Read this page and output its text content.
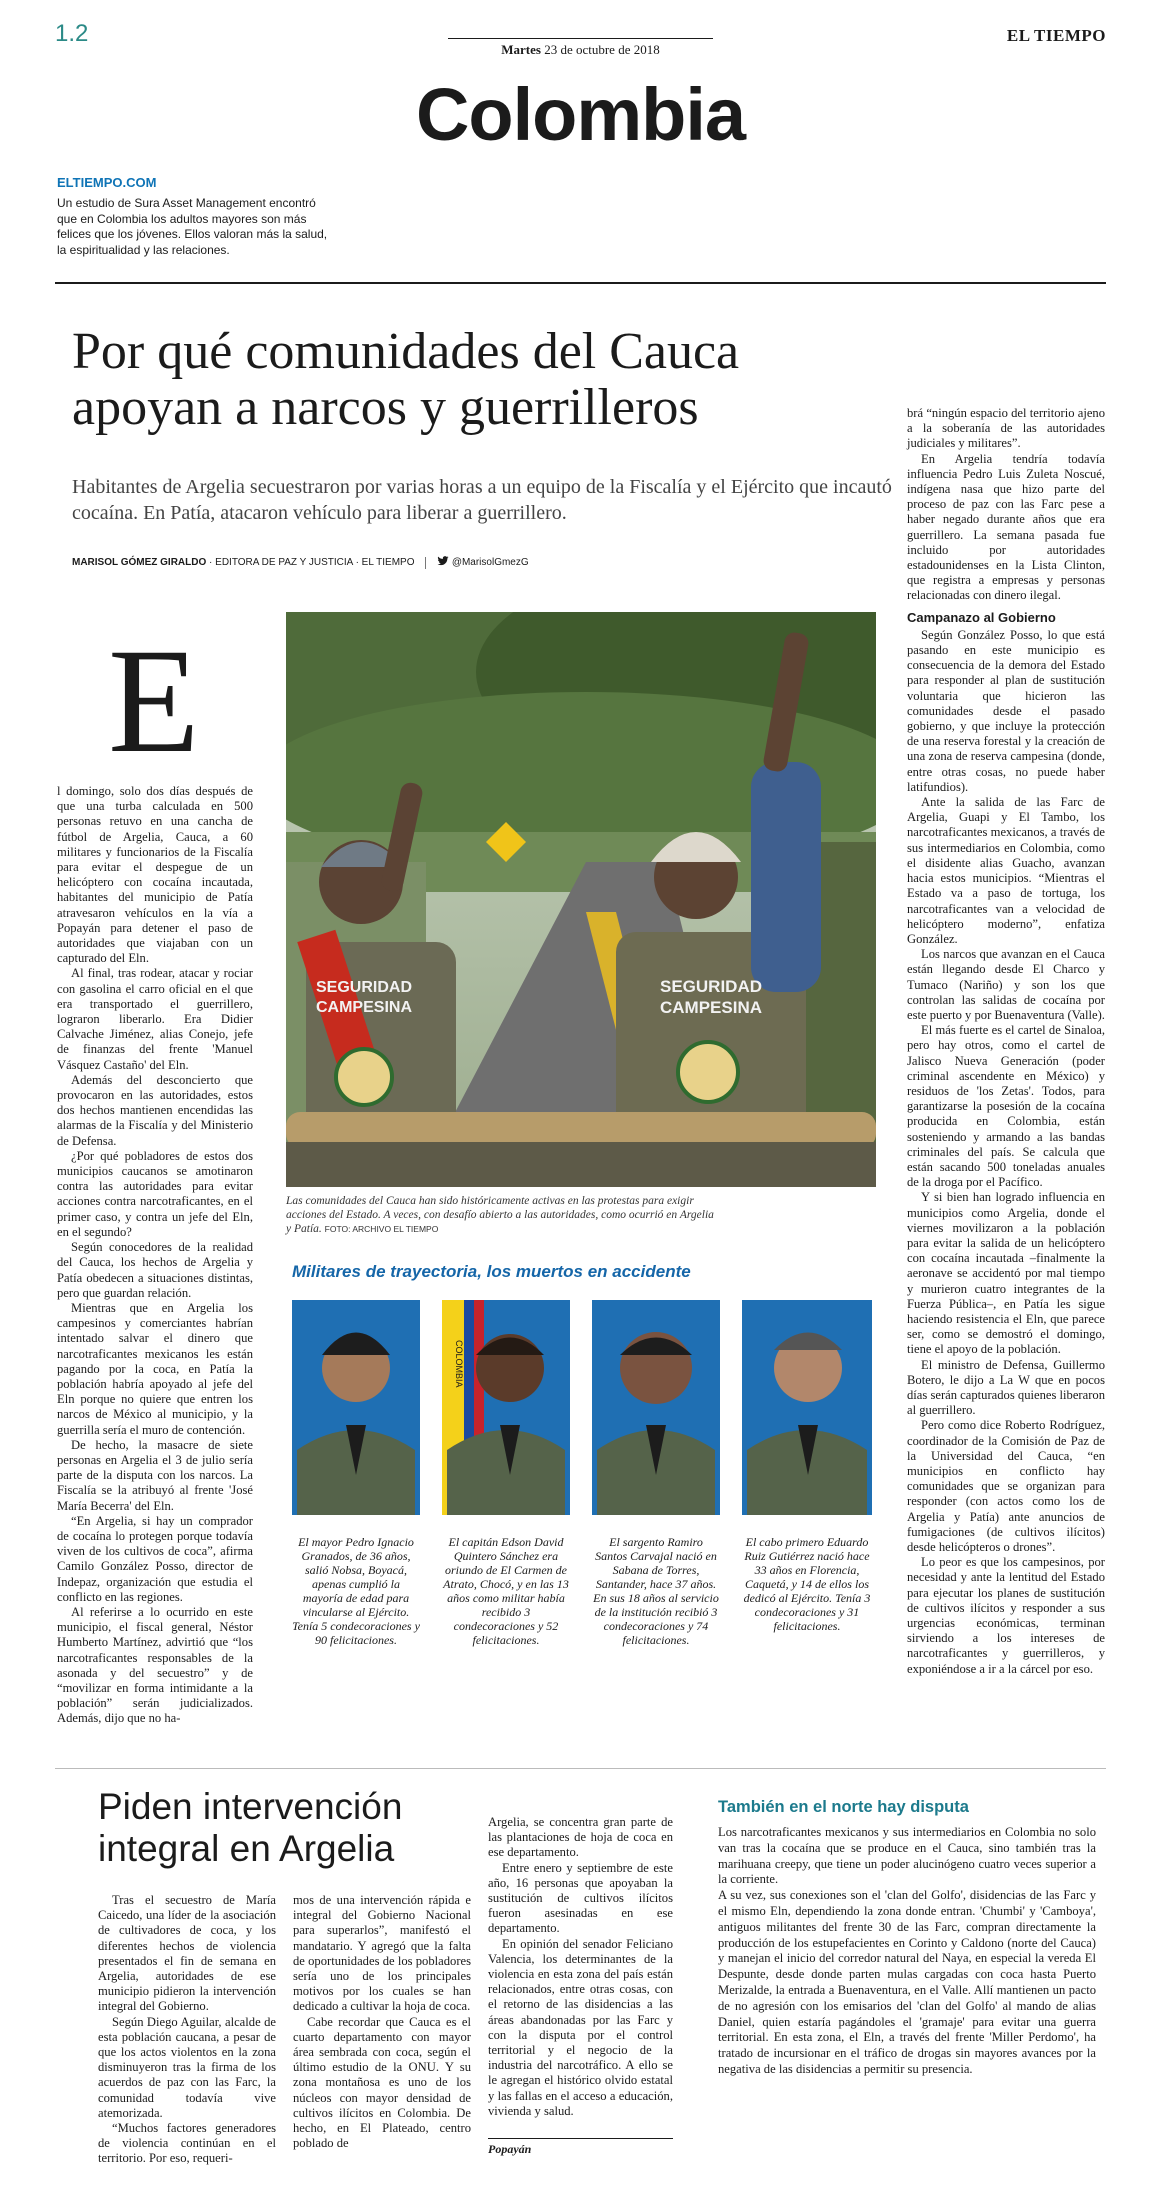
1.2
Martes 23 de octubre de 2018
EL TIEMPO
Colombia
ELTIEMPO.COM
Un estudio de Sura Asset Management encontró que en Colombia los adultos mayores son más felices que los jóvenes. Ellos valoran más la salud, la espiritualidad y las relaciones.
Por qué comunidades del Cauca apoyan a narcos y guerrilleros
Habitantes de Argelia secuestraron por varias horas a un equipo de la Fiscalía y el Ejército que incautó cocaína. En Patía, atacaron vehículo para liberar a guerrillero.
MARISOL GÓMEZ GIRALDO · EDITORA DE PAZ Y JUSTICIA · EL TIEMPO	@MarisolGmezG
E

l domingo, solo dos días después de que una turba calculada en 500 personas retuvo en una cancha de fútbol de Argelia, Cauca, a 60 militares y funcionarios de la Fiscalía para evitar el despegue de un helicóptero con cocaína incautada, habitantes del municipio de Patía atravesaron vehículos en la vía a Popayán para detener el paso de autoridades que viajaban con un capturado del Eln.

Al final, tras rodear, atacar y rociar con gasolina el carro oficial en el que era transportado el guerrillero, lograron liberarlo. Era Didier Calvache Jiménez, alias Conejo, jefe de finanzas del frente 'Manuel Vásquez Castaño' del Eln.

Además del desconcierto que provocaron en las autoridades, estos dos hechos mantienen encendidas las alarmas de la Fiscalía y del Ministerio de Defensa.

¿Por qué pobladores de estos dos municipios caucanos se amotinaron contra las autoridades para evitar acciones contra narcotraficantes, en el primer caso, y contra un jefe del Eln, en el segundo?

Según conocedores de la realidad del Cauca, los hechos de Argelia y Patía obedecen a situaciones distintas, pero que guardan relación.

Mientras que en Argelia los campesinos y comerciantes habrían intentado salvar el dinero que narcotraficantes mexicanos les están pagando por la coca, en Patía la población habría apoyado al jefe del Eln porque no quiere que entren los narcos de México al municipio, y la guerrilla sería el muro de contención.

De hecho, la masacre de siete personas en Argelia el 3 de julio sería parte de la disputa con los narcos. La Fiscalía se la atribuyó al frente 'José María Becerra' del Eln.

“En Argelia, si hay un comprador de cocaína lo protegen porque todavía viven de los cultivos de coca”, afirma Camilo González Posso, director de Indepaz, organización que estudia el conflicto en las regiones.

Al referirse a lo ocurrido en este municipio, el fiscal general, Néstor Humberto Martínez, advirtió que “los narcotraficantes responsables de la asonada y del secuestro” y de “movilizar en forma intimidante a la población” serán judicializados. Además, dijo que no ha-

SEGURIDAD
CAMPESINA
SEGURIDAD
CAMPESINA
Las comunidades del Cauca han sido históricamente activas en las protestas para exigir acciones del Estado. A veces, con desafío abierto a las autoridades, como ocurrió en Argelia y Patía. FOTO: ARCHIVO EL TIEMPO
Militares de trayectoria, los muertos en accidente
COLOMBIA
El mayor Pedro Ignacio Granados, de 36 años, salió Nobsa, Boyacá, apenas cumplió la mayoría de edad para vincularse al Ejército. Tenía 5 condecoraciones y 90 felicitaciones.
El capitán Edson David Quintero Sánchez era oriundo de El Carmen de Atrato, Chocó, y en las 13 años como militar había recibido 3 condecoraciones y 52 felicitaciones.
El sargento Ramiro Santos Carvajal nació en Sabana de Torres, Santander, hace 37 años. En sus 18 años al servicio de la institución recibió 3 condecoraciones y 74 felicitaciones.
El cabo primero Eduardo Ruiz Gutiérrez nació hace 33 años en Florencia, Caquetá, y 14 de ellos los dedicó al Ejército. Tenía 3 condecoraciones y 31 felicitaciones.

brá “ningún espacio del territorio ajeno a la soberanía de las autoridades judiciales y militares”.

En Argelia tendría todavía influencia Pedro Luis Zuleta Noscué, indígena nasa que hizo parte del proceso de paz con las Farc pese a haber negado durante años que era guerrillero. La semana pasada fue incluido por autoridades estadounidenses en la Lista Clinton, que registra a empresas y personas relacionadas con dinero ilegal.

Campanazo al Gobierno

Según González Posso, lo que está pasando en este municipio es consecuencia de la demora del Estado para responder al plan de sustitución voluntaria que hicieron las comunidades desde el pasado gobierno, y que incluye la protección de una reserva forestal y la creación de una zona de reserva campesina (donde, entre otras cosas, no puede haber latifundios).

Ante la salida de las Farc de Argelia, Guapi y El Tambo, los narcotraficantes mexicanos, a través de sus intermediarios en Colombia, como el disidente alias Guacho, avanzan hacia estos municipios. “Mientras el Estado va a paso de tortuga, los narcotraficantes van a velocidad de helicóptero moderno”, enfatiza González.

Los narcos que avanzan en el Cauca están llegando desde El Charco y Tumaco (Nariño) y son los que controlan las salidas de cocaína por este puerto y por Buenaventura (Valle).

El más fuerte es el cartel de Sinaloa, pero hay otros, como el cartel de Jalisco Nueva Generación (poder criminal ascendente en México) y residuos de 'los Zetas'. Todos, para garantizarse la posesión de la cocaína producida en Colombia, están sosteniendo y armando a las bandas criminales del país. Se calcula que están sacando 500 toneladas anuales de la droga por el Pacífico.

Y si bien han logrado influencia en municipios como Argelia, donde el viernes movilizaron a la población para evitar la salida de un helicóptero con cocaína incautada –finalmente la aeronave se accidentó por mal tiempo y murieron cuatro integrantes de la Fuerza Pública–, en Patía les sigue haciendo resistencia el Eln, que parece ser, como se demostró el domingo, tiene el apoyo de la población.

El ministro de Defensa, Guillermo Botero, le dijo a La W que en pocos días serán capturados quienes liberaron al guerrillero.

Pero como dice Roberto Rodríguez, coordinador de la Comisión de Paz de la Universidad del Cauca, “en municipios en conflicto hay comunidades que se organizan para responder (con actos como los de Argelia y Patía) ante anuncios de fumigaciones (de cultivos ilícitos) desde helicópteros o drones”.

Lo peor es que los campesinos, por necesidad y ante la lentitud del Estado para ejecutar los planes de sustitución de cultivos ilícitos y responder a sus urgencias económicas, terminan sirviendo a los intereses de narcotraficantes y guerrilleros, y exponiéndose a ir a la cárcel por eso.

Piden intervención
integral en Argelia

Tras el secuestro de María Caicedo, una líder de la asociación de cultivadores de coca, y los diferentes hechos de violencia presentados el fin de semana en Argelia, autoridades de ese municipio pidieron la intervención integral del Gobierno.

Según Diego Aguilar, alcalde de esta población caucana, a pesar de que los actos violentos en la zona disminuyeron tras la firma de los acuerdos de paz con las Farc, la comunidad todavía vive atemorizada.

“Muchos factores generadores de violencia continúan en el territorio. Por eso, requeri-

mos de una intervención rápida e integral del Gobierno Nacional para superarlos”, manifestó el mandatario. Y agregó que la falta de oportunidades de los pobladores sería uno de los principales motivos por los cuales se han dedicado a cultivar la hoja de coca.

Cabe recordar que Cauca es el cuarto departamento con mayor área sembrada con coca, según el último estudio de la ONU. Y su zona montañosa es uno de los núcleos con mayor densidad de cultivos ilícitos en Colombia. De hecho, en El Plateado, centro poblado de

Argelia, se concentra gran parte de las plantaciones de hoja de coca en ese departamento.

Entre enero y septiembre de este año, 16 personas que apoyaban la sustitución de cultivos ilícitos fueron asesinadas en ese departamento.

En opinión del senador Feliciano Valencia, los determinantes de la violencia en esta zona del país están relacionados, entre otras cosas, con el retorno de las disidencias a las áreas abandonadas por las Farc y con la disputa por el control territorial y el negocio de la industria del narcotráfico. A ello se le agregan el histórico olvido estatal y las fallas en el acceso a educación, vivienda y salud.

Popayán
También en el norte hay disputa

Los narcotraficantes mexicanos y sus intermediarios en Colombia no solo van tras la cocaína que se produce en el Cauca, sino también tras la marihuana creepy, que tiene un poder alucinógeno cuatro veces superior a la corriente.

A su vez, sus conexiones son el 'clan del Golfo', disidencias de las Farc y el mismo Eln, dependiendo la zona donde entran. 'Chumbi' y 'Camboya', antiguos militantes del frente 30 de las Farc, compran directamente la producción de los estupefacientes en Corinto y Caldono (norte del Cauca) y manejan el inicio del corredor natural del Naya, en especial la vereda El Despunte, desde donde parten mulas cargadas con coca hasta Puerto Merizalde, la entrada a Buenaventura, en el Valle. Allí mantienen un pacto de no agresión con los emisarios del 'clan del Golfo' al mando de alias Daniel, quien estaría pagándoles el 'gramaje' para evitar una guerra territorial. En esta zona, el Eln, a través del frente 'Miller Perdomo', ha tratado de incursionar en el tráfico de drogas sin mayores avances por la negativa de las disidencias a permitir su presencia.
